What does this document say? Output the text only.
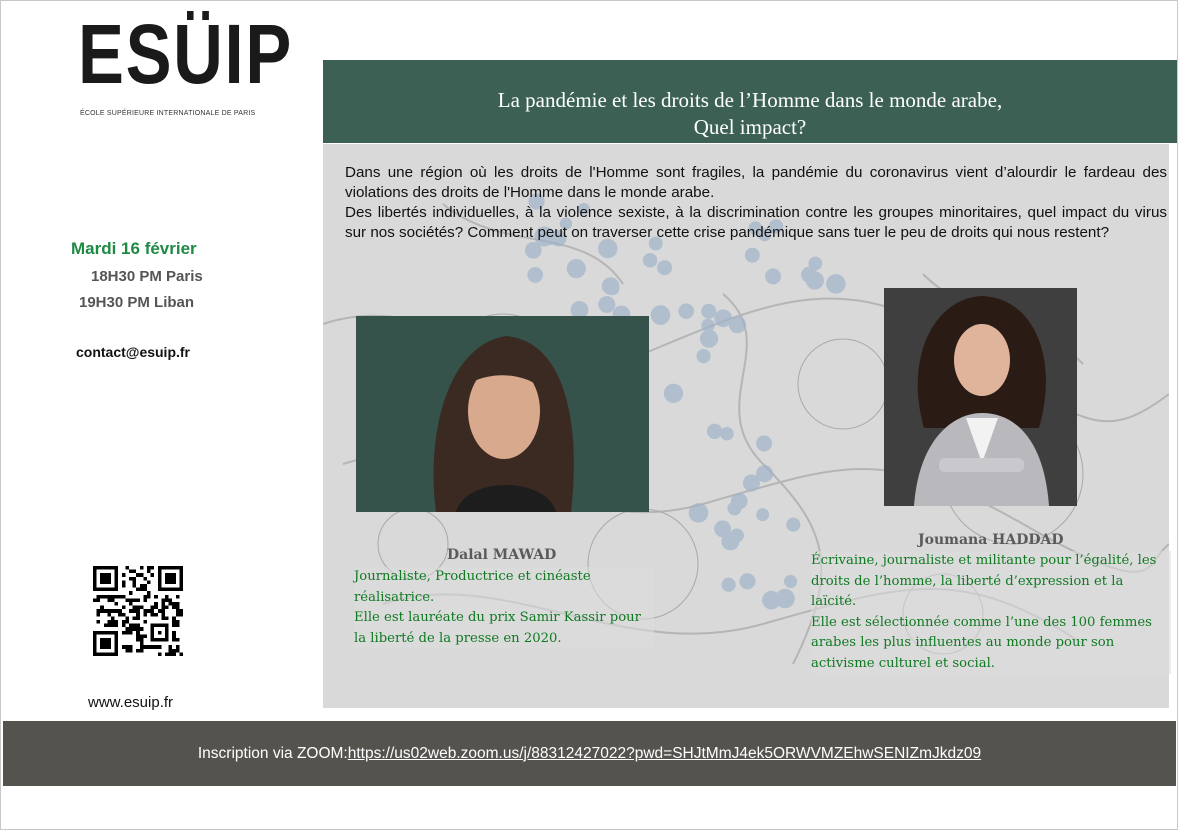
ESÜIP
ÉCOLE SUPÉRIEURE INTERNATIONALE DE PARIS
Mardi 16 février
18H30 PM Paris
19H30 PM Liban
contact@esuip.fr
www.esuip.fr
La pandémie et les droits de l’Homme dans le monde arabe,
Quel impact?

Dans une région où les droits de l'Homme sont fragiles, la pandémie du coronavirus vient d’alourdir le fardeau des violations des droits de l'Homme dans le monde arabe.

Des libertés individuelles, à la violence sexiste, à la discrimination contre les groupes minoritaires, quel impact du virus sur nos sociétés? Comment peut on traverser cette crise pandémique sans tuer le peu de droits qui nous restent?

Dalal MAWAD

Journaliste, Productrice et cinéaste réalisatrice.

Elle est lauréate du prix Samir Kassir pour la liberté de la presse en 2020.

Joumana HADDAD

Écrivaine, journaliste et militante pour l’égalité, les droits de l’homme, la liberté d’expression et la laïcité.

Elle est sélectionnée comme l’une des 100 femmes arabes les plus influentes au monde pour son activisme culturel et social.

Inscription via ZOOM: https://us02web.zoom.us/j/88312427022?pwd=SHJtMmJ4ek5ORWVMZEhwSENIZmJkdz09
